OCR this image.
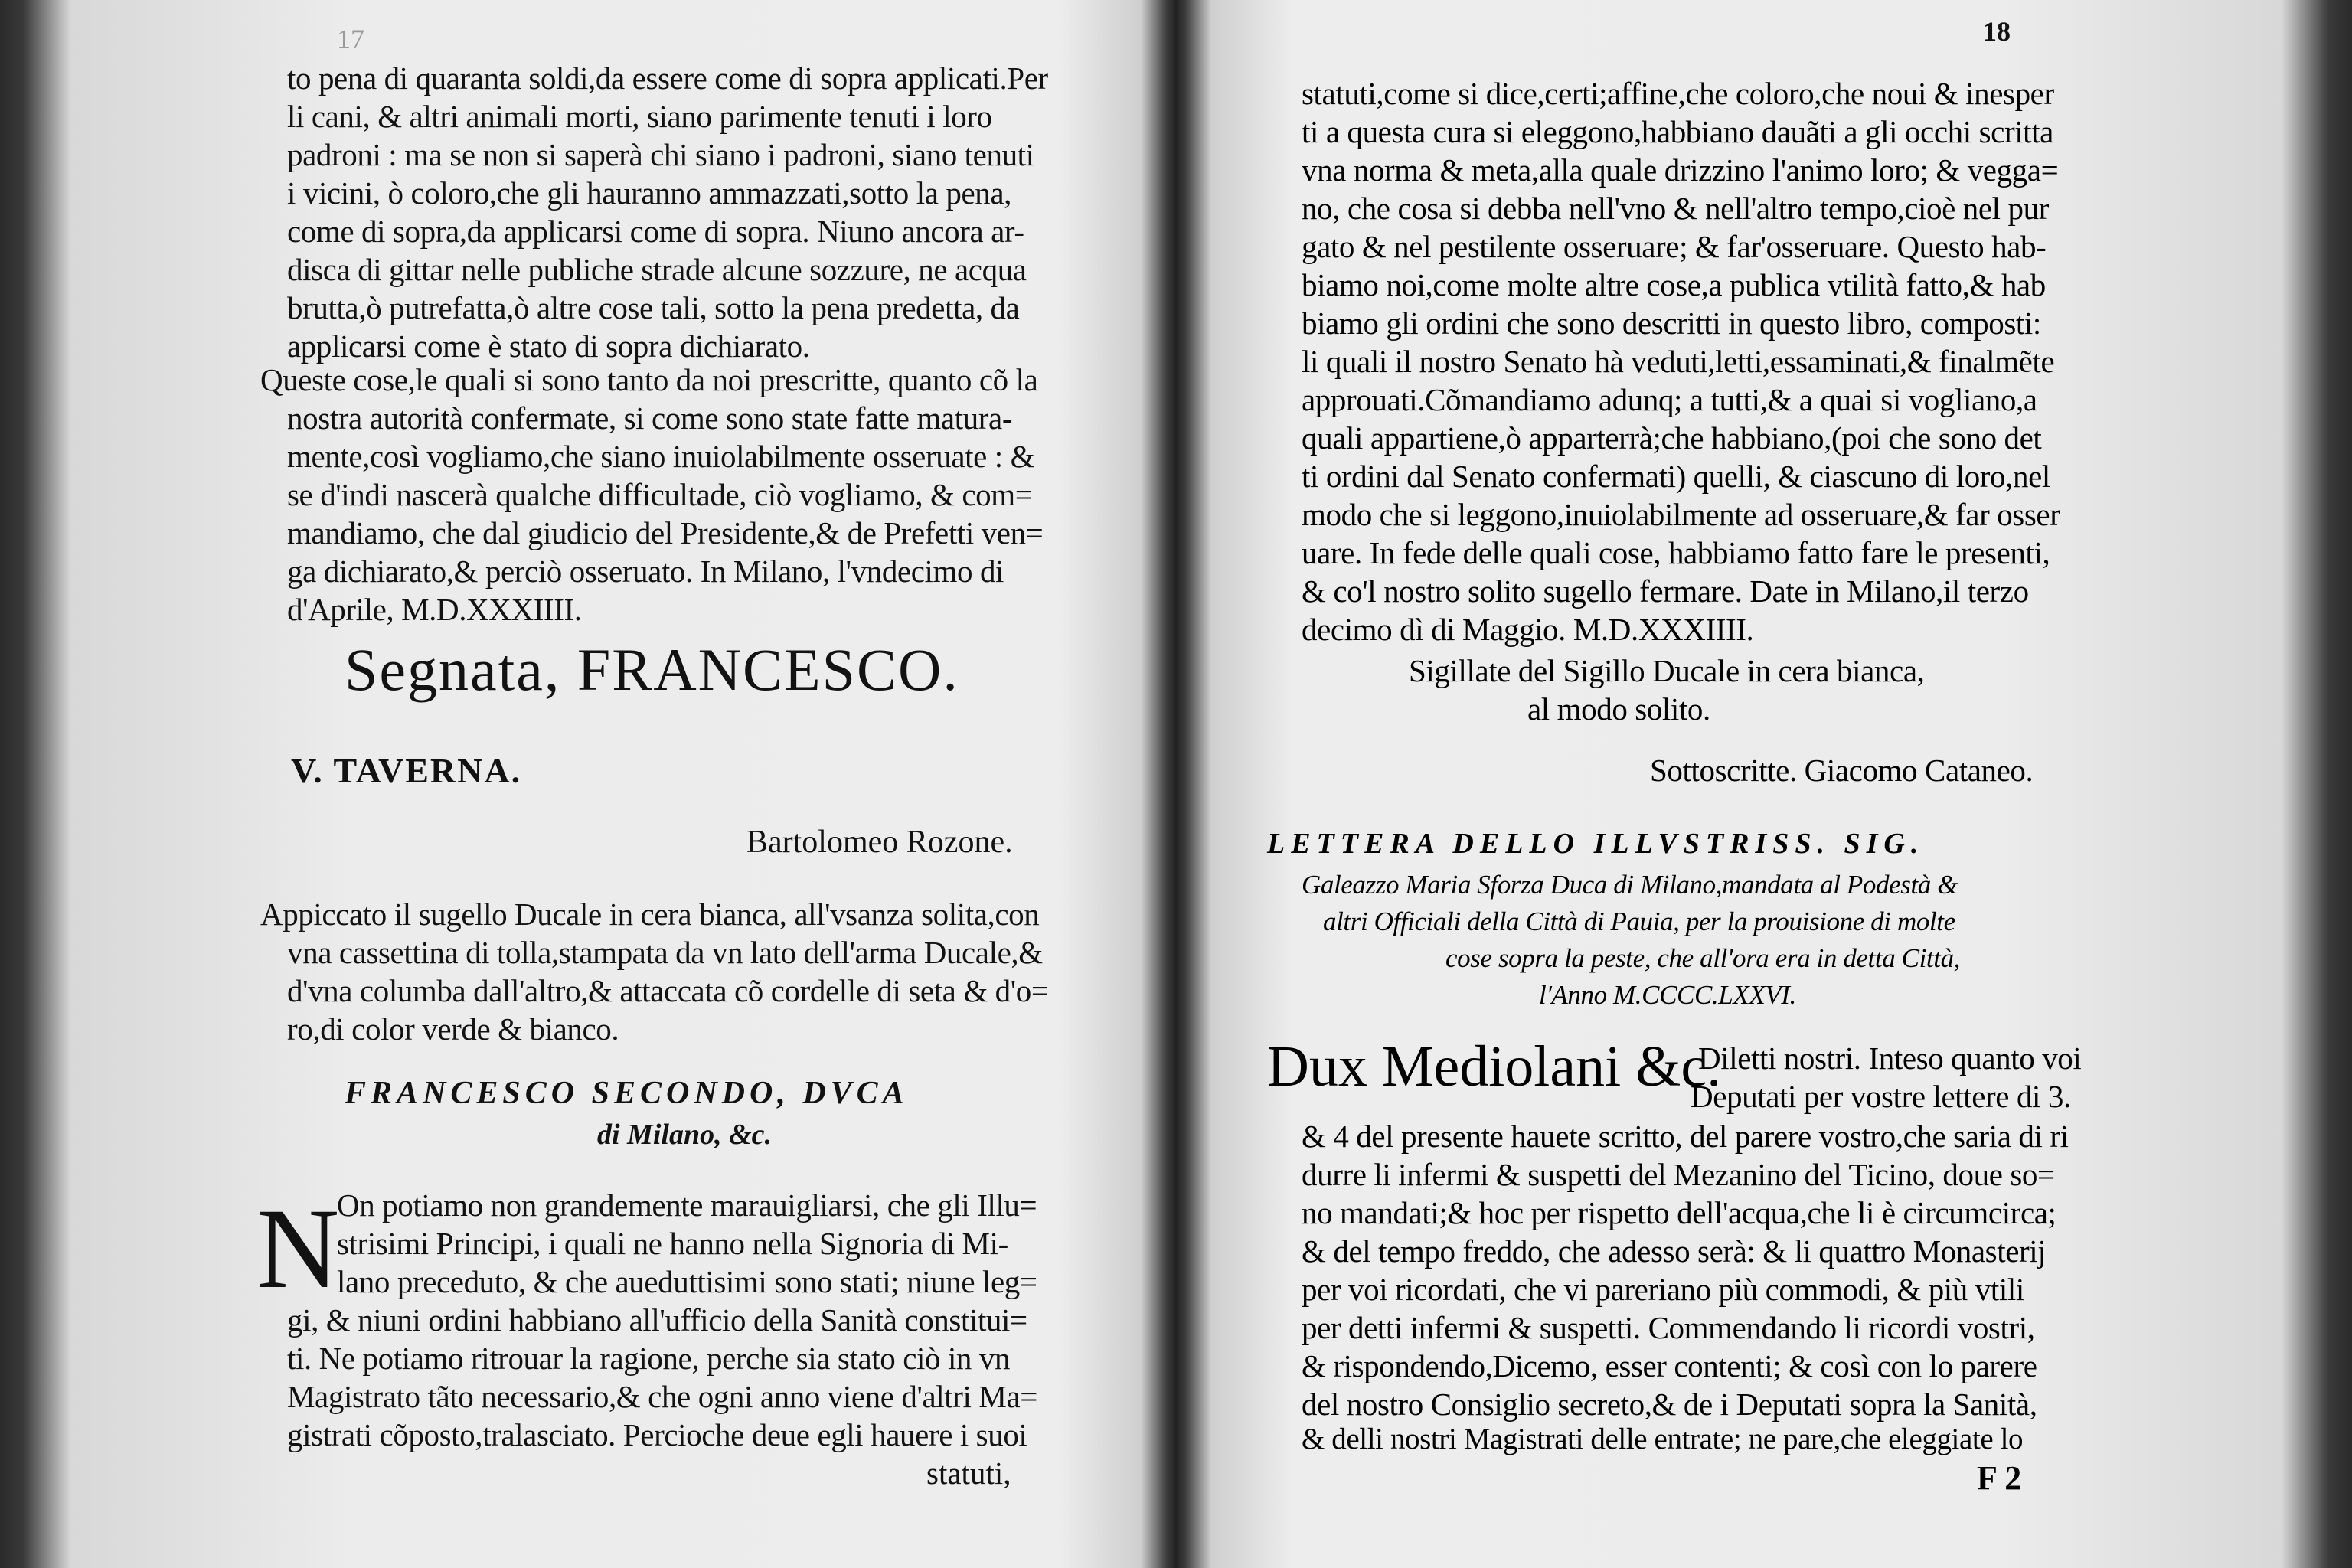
17
to pena di quaranta soldi,da essere come di sopra applicati.Per
li cani, & altri animali morti, siano parimente tenuti i loro
padroni : ma se non si saperà chi siano i padroni, siano tenuti
i vicini, ò coloro,che gli hauranno ammazzati,sotto la pena,
come di sopra,da applicarsi come di sopra. Niuno ancora ar-
disca di gittar nelle publiche strade alcune sozzure, ne acqua
brutta,ò putrefatta,ò altre cose tali, sotto la pena predetta, da
applicarsi come è stato di sopra dichiarato.
Queste cose,le quali si sono tanto da noi prescritte, quanto cõ la
nostra autorità confermate, si come sono state fatte matura-
mente,così vogliamo,che siano inuiolabilmente osseruate : &
se d'indi nascerà qualche difficultade, ciò vogliamo, & com=
mandiamo, che dal giudicio del Presidente,& de Prefetti ven=
ga dichiarato,& perciò osseruato. In Milano, l'vndecimo di
d'Aprile, M.D.XXXIIII.
Segnata, FRANCESCO.
V. TAVERNA.
Bartolomeo Rozone.
Appiccato il sugello Ducale in cera bianca, all'vsanza solita,con
vna cassettina di tolla,stampata da vn lato dell'arma Ducale,&
d'vna columba dall'altro,& attaccata cõ cordelle di seta & d'o=
ro,di color verde & bianco.
FRANCESCO SECONDO, DVCA
di Milano, &c.
N
On potiamo non grandemente marauigliarsi, che gli Illu=
strisimi Principi, i quali ne hanno nella Signoria di Mi-
lano preceduto, & che aueduttisimi sono stati; niune leg=
gi, & niuni ordini habbiano all'ufficio della Sanità constitui=
ti. Ne potiamo ritrouar la ragione, perche sia stato ciò in vn
Magistrato tãto necessario,& che ogni anno viene d'altri Ma=
gistrati cõposto,tralasciato. Percioche deue egli hauere i suoi
statuti,
18
statuti,come si dice,certi;affine,che coloro,che noui & inesper
ti a questa cura si eleggono,habbiano dauãti a gli occhi scritta
vna norma & meta,alla quale drizzino l'animo loro; & vegga=
no, che cosa si debba nell'vno & nell'altro tempo,cioè nel pur
gato & nel pestilente osseruare; & far'osseruare. Questo hab-
biamo noi,come molte altre cose,a publica vtilità fatto,& hab
biamo gli ordini che sono descritti in questo libro, composti:
li quali il nostro Senato hà veduti,letti,essaminati,& finalmẽte
approuati.Cõmandiamo adunq; a tutti,& a quai si vogliano,a
quali appartiene,ò apparterrà;che habbiano,(poi che sono det
ti ordini dal Senato confermati) quelli, & ciascuno di loro,nel
modo che si leggono,inuiolabilmente ad osseruare,& far osser
uare. In fede delle quali cose, habbiamo fatto fare le presenti,
& co'l nostro solito sugello fermare. Date in Milano,il terzo
decimo dì di Maggio. M.D.XXXIIII.
Sigillate del Sigillo Ducale in cera bianca,
al modo solito.
Sottoscritte. Giacomo Cataneo.
LETTERA DELLO ILLVSTRISS. SIG.
Galeazzo Maria Sforza Duca di Milano,mandata al Podestà &
altri Officiali della Città di Pauia, per la prouisione di molte
cose sopra la peste, che all'ora era in detta Città,
l'Anno M.CCCC.LXXVI.
Dux Mediolani &c.
Diletti nostri. Inteso quanto voi
Deputati per vostre lettere di 3.
& 4 del presente hauete scritto, del parere vostro,che saria di ri
durre li infermi & suspetti del Mezanino del Ticino, doue so=
no mandati;& hoc per rispetto dell'acqua,che li è circumcirca;
& del tempo freddo, che adesso serà: & li quattro Monasterij
per voi ricordati, che vi pareriano più commodi, & più vtili
per detti infermi & suspetti. Commendando li ricordi vostri,
& rispondendo,Dicemo, esser contenti; & così con lo parere
del nostro Consiglio secreto,& de i Deputati sopra la Sanità,
& delli nostri Magistrati delle entrate; ne pare,che eleggiate lo
F 2
